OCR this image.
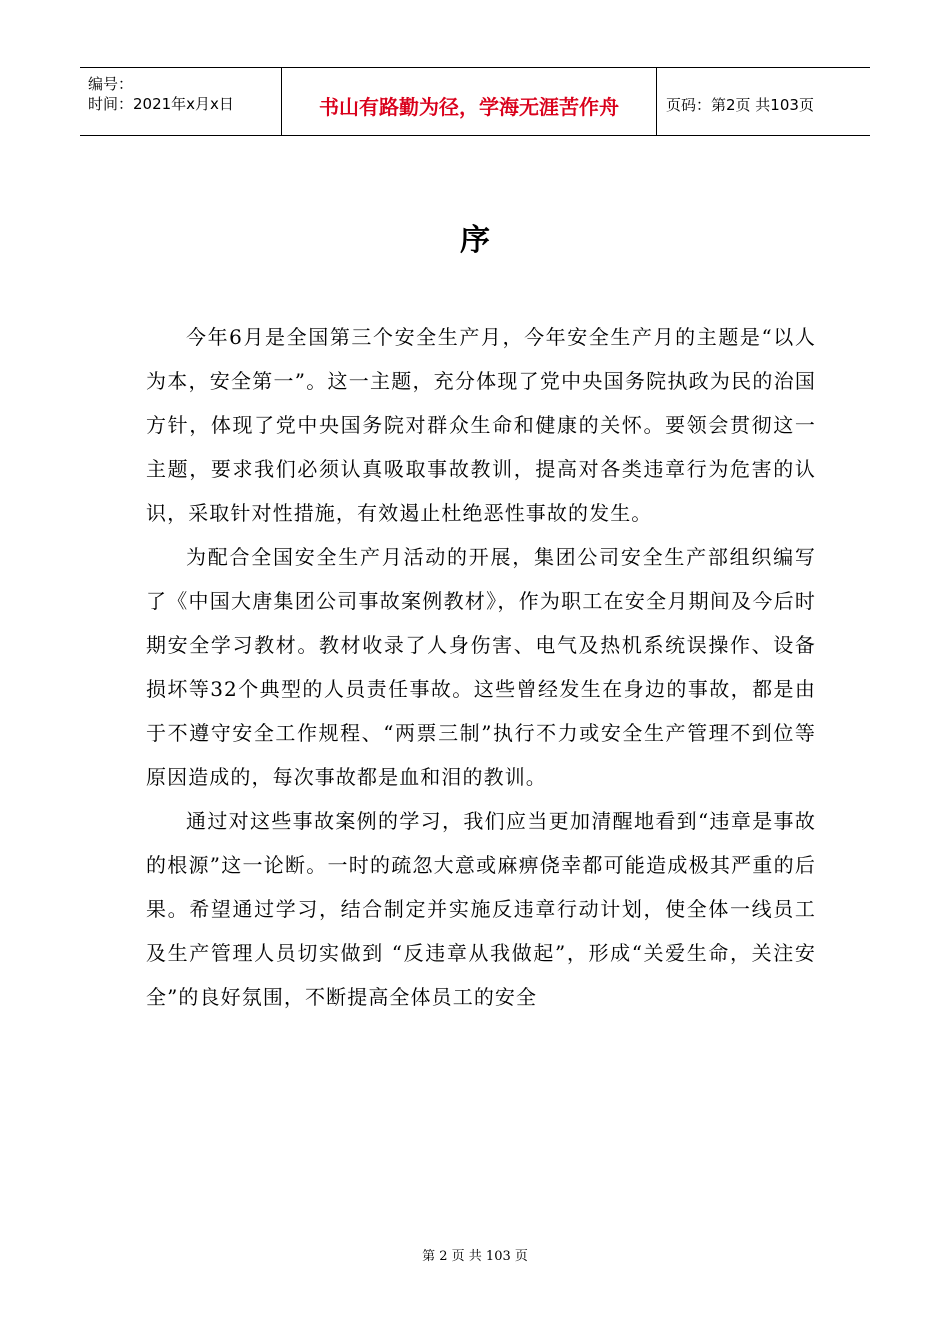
编号：
时间：2021年x月x日	书山有路勤为径，学海无涯苦作舟	页码：第2页 共103页
序

今年6月是全国第三个安全生产月，今年安全生产月的主题是“以人为本，安全第一”。这一主题，充分体现了党中央国务院执政为民的治国方针，体现了党中央国务院对群众生命和健康的关怀。要领会贯彻这一主题，要求我们必须认真吸取事故教训，提高对各类违章行为危害的认识，采取针对性措施，有效遏止杜绝恶性事故的发生。

为配合全国安全生产月活动的开展，集团公司安全生产部组织编写了《中国大唐集团公司事故案例教材》，作为职工在安全月期间及今后时期安全学习教材。教材收录了人身伤害、电气及热机系统误操作、设备损坏等32个典型的人员责任事故。这些曾经发生在身边的事故，都是由于不遵守安全工作规程、“两票三制”执行不力或安全生产管理不到位等原因造成的，每次事故都是血和泪的教训。

通过对这些事故案例的学习，我们应当更加清醒地看到“违章是事故的根源”这一论断。一时的疏忽大意或麻痹侥幸都可能造成极其严重的后果。希望通过学习，结合制定并实施反违章行动计划，使全体一线员工及生产管理人员切实做到 “反违章从我做起”，形成“关爱生命，关注安全”的良好氛围，不断提高全体员工的安全

第 2 页 共 103 页
